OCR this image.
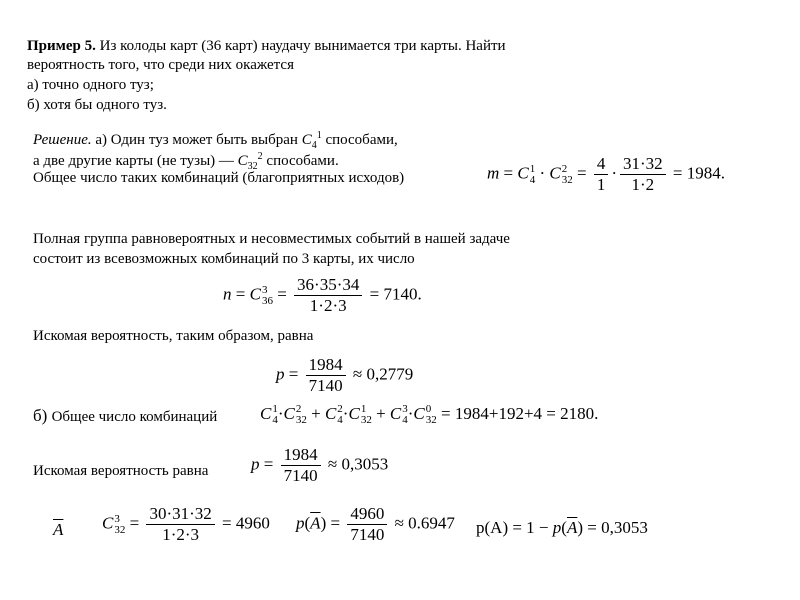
Пример 5. Из колоды карт (36 карт) наудачу вынимается три карты. Найти
вероятность того, что среди них окажется
а) точно одного туз;
б) хотя бы одного туз.
Решение. а) Один туз может быть выбран $C_4^1$ способами,
а две другие карты (не тузы) — $C_{32}^2$ способами.
Общее число таких комбинаций (благоприятных исходов)	m = C 1
4 · C 2
$32 = \frac{4}{1} \cdot \frac{31\cdot 32}{1\cdot 2} = 1984$.
Полная группа равновероятных и несовместимых событий в нашей задаче
состоит из всевозможных комбинаций по 3 карты, их число
n = C 3
$36 = \frac{36\cdot 35\cdot 34}{1\cdot 2\cdot 3} = 7140$.
Искомая вероятность, таким образом, равна
$p = \frac{1984}{7140} \approx 0,2779$
б) Общее число комбинаций	C 1
4 ·C 2
32 + C 2
4 ·C 1
32 + C 3
4 ·C 0
32 = 1984+192+4 = 2180.
Искомая вероятность равна	$p = \frac{1984}{7140} \approx 0,3053$
$\overline{A}$ C 3
$32 = \frac{30\cdot 31\cdot 32}{1\cdot 2\cdot 3} = 4960$ $p(\overline{A}) = \frac{4960}{7140} \approx 0.6947$ $p(A) = 1 - p(\overline{A}) = 0,3053$
